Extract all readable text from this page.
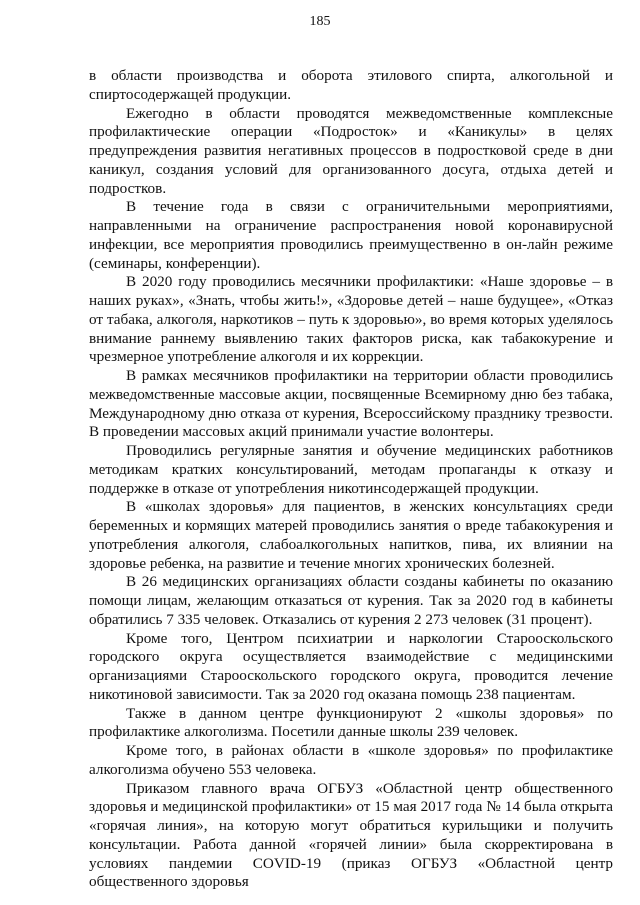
185

в области производства и оборота этилового спирта, алкогольной и спиртосодержащей продукции.

Ежегодно в области проводятся межведомственные комплексные профилактические операции «Подросток» и «Каникулы» в целях предупреждения развития негативных процессов в подростковой среде в дни каникул, создания условий для организованного досуга, отдыха детей и подростков.

В течение года в связи с ограничительными мероприятиями, направленными на ограничение распространения новой коронавирусной инфекции, все мероприятия проводились преимущественно в он-лайн режиме (семинары, конференции).

В 2020 году проводились месячники профилактики: «Наше здоровье – в наших руках», «Знать, чтобы жить!», «Здоровье детей – наше будущее», «Отказ от табака, алкоголя, наркотиков – путь к здоровью», во время которых уделялось внимание раннему выявлению таких факторов риска, как табакокурение и чрезмерное употребление алкоголя и их коррекции.

В рамках месячников профилактики на территории области проводились межведомственные массовые акции, посвященные Всемирному дню без табака, Международному дню отказа от курения, Всероссийскому празднику трезвости. В проведении массовых акций принимали участие волонтеры.

Проводились регулярные занятия и обучение медицинских работников методикам кратких консультирований, методам пропаганды к отказу и поддержке в отказе от употребления никотинсодержащей продукции.

В «школах здоровья» для пациентов, в женских консультациях среди беременных и кормящих матерей проводились занятия о вреде табакокурения и употребления алкоголя, слабоалкогольных напитков, пива, их влиянии на здоровье ребенка, на развитие и течение многих хронических болезней.

В 26 медицинских организациях области созданы кабинеты по оказанию помощи лицам, желающим отказаться от курения. Так за 2020 год в кабинеты обратились 7 335 человек. Отказались от курения 2 273 человек (31 процент).

Кроме того, Центром психиатрии и наркологии Старооскольского городского округа осуществляется взаимодействие с медицинскими организациями Старооскольского городского округа, проводится лечение никотиновой зависимости. Так за 2020 год оказана помощь 238 пациентам.

Также в данном центре функционируют 2 «школы здоровья» по профилактике алкоголизма. Посетили данные школы 239 человек.

Кроме того, в районах области в «школе здоровья» по профилактике алкоголизма обучено 553 человека.

Приказом главного врача ОГБУЗ «Областной центр общественного здоровья и медицинской профилактики» от 15 мая 2017 года № 14 была открыта «горячая линия», на которую могут обратиться курильщики и получить консультации. Работа данной «горячей линии» была скорректирована в условиях пандемии COVID-19 (приказ ОГБУЗ «Областной центр общественного здоровья
